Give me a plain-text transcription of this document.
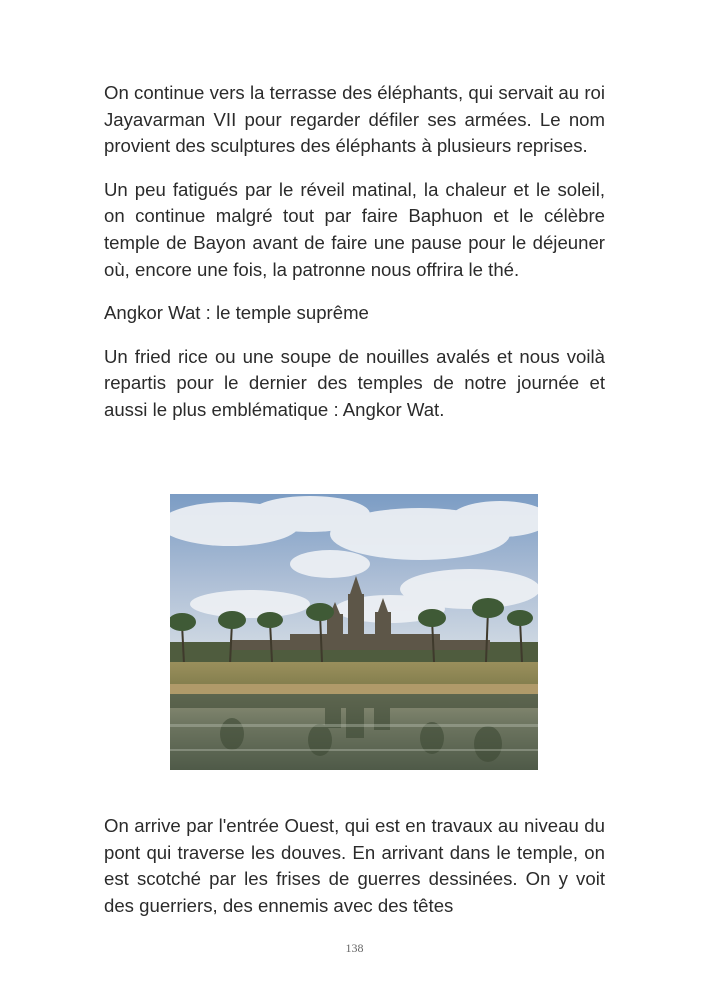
On continue vers la terrasse des éléphants, qui servait au roi Jayavarman VII pour regarder défiler ses armées. Le nom provient des sculptures des éléphants à plusieurs reprises.

Un peu fatigués par le réveil matinal, la chaleur et le soleil, on continue malgré tout par faire Baphuon et le célèbre temple de Bayon avant de faire une pause pour le déjeuner où, encore une fois, la patronne nous offrira le thé.

Angkor Wat : le temple suprême

Un fried rice ou une soupe de nouilles avalés et nous voilà repartis pour le dernier des temples de notre journée et aussi le plus emblématique : Angkor Wat.

On arrive par l'entrée Ouest, qui est en travaux au niveau du pont qui traverse les douves. En arrivant dans le temple, on est scotché par les frises de guerres dessinées. On y voit des guerriers, des ennemis avec des têtes

138
